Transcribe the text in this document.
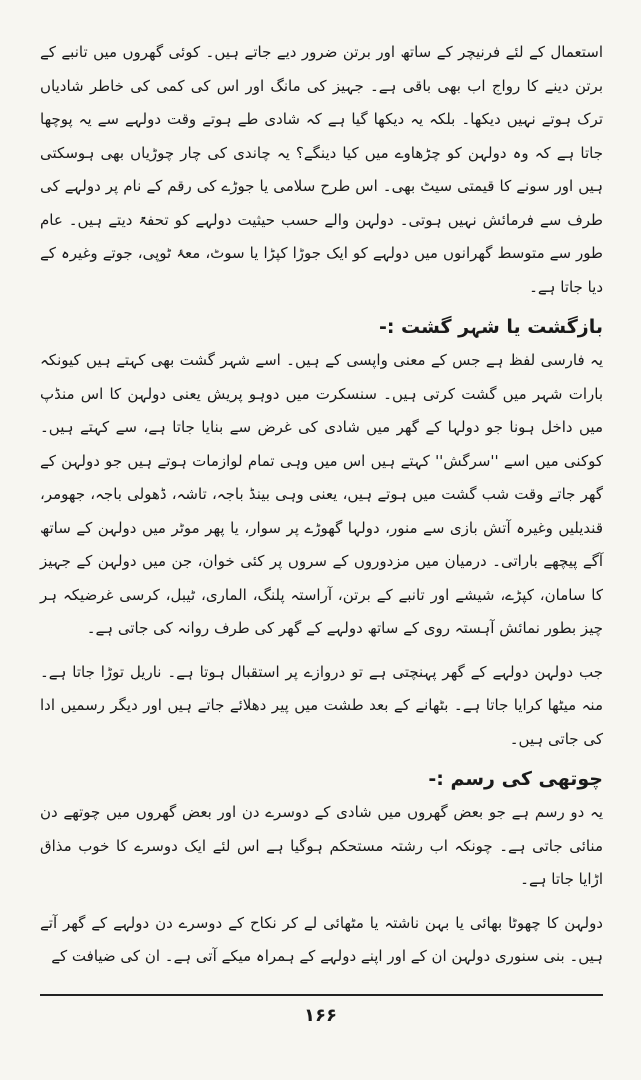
استعمال کے لئے فرنیچر کے ساتھ اور برتن ضرور دیے جاتے ہیں۔ کوئی گھروں میں تانبے کے برتن دینے کا رواج اب بھی باقی ہے۔ جہیز کی مانگ اور اس کی کمی کی خاطر شادیاں ترک ہوتے نہیں دیکھا۔ بلکہ یہ دیکھا گیا ہے کہ شادی طے ہوتے وقت دولہے سے یہ پوچھا جاتا ہے کہ وہ دولہن کو چڑھاوے میں کیا دینگے؟ یہ چاندی کی چار چوڑیاں بھی ہوسکتی ہیں اور سونے کا قیمتی سیٹ بھی۔ اس طرح سلامی یا جوڑے کی رقم کے نام پر دولہے کی طرف سے فرمائش نہیں ہوتی۔ دولہن والے حسب حیثیت دولہے کو تحفۃً دیتے ہیں۔ عام طور سے متوسط گھرانوں میں دولہے کو ایک جوڑا کپڑا یا سوٹ، معۂ ٹوپی، جوتے وغیرہ کے دیا جاتا ہے۔

بازگشت یا شہر گشت :-

یہ فارسی لفظ ہے جس کے معنی واپسی کے ہیں۔ اسے شہر گشت بھی کہتے ہیں کیونکہ بارات شہر میں گشت کرتی ہیں۔ سنسکرت میں دوہو پریش یعنی دولہن کا اس منڈپ میں داخل ہونا جو دولہا کے گھر میں شادی کی غرض سے بنایا جاتا ہے، سے کہتے ہیں۔ کوکنی میں اسے ''سرگش'' کہتے ہیں اس میں وہی تمام لوازمات ہوتے ہیں جو دولہن کے گھر جاتے وقت شب گشت میں ہوتے ہیں، یعنی وہی بینڈ باجہ، تاشہ، ڈھولی باجہ، جھومر، قندیلیں وغیرہ آتش بازی سے منور، دولہا گھوڑے پر سوار، یا پھر موٹر میں دولہن کے ساتھ آگے پیچھے باراتی۔ درمیان میں مزدوروں کے سروں پر کئی خوان، جن میں دولہن کے جہیز کا سامان، کپڑے، شیشے اور تانبے کے برتن، آراستہ پلنگ، الماری، ٹیبل، کرسی غرضیکہ ہر چیز بطور نمائش آہستہ روی کے ساتھ دولہے کے گھر کی طرف روانہ کی جاتی ہے۔

جب دولہن دولہے کے گھر پہنچتی ہے تو دروازے پر استقبال ہوتا ہے۔ ناریل توڑا جاتا ہے۔ منہ میٹھا کرایا جاتا ہے۔ بٹھانے کے بعد طشت میں پیر دھلائے جاتے ہیں اور دیگر رسمیں ادا کی جاتی ہیں۔

چوتھی کی رسم :-

یہ دو رسم ہے جو بعض گھروں میں شادی کے دوسرے دن اور بعض گھروں میں چوتھے دن منائی جاتی ہے۔ چونکہ اب رشتہ مستحکم ہوگیا ہے اس لئے ایک دوسرے کا خوب مذاق اڑایا جاتا ہے۔

دولہن کا چھوٹا بھائی یا بہن ناشتہ یا مٹھائی لے کر نکاح کے دوسرے دن دولہے کے گھر آتے ہیں۔ بنی سنوری دولہن ان کے اور اپنے دولہے کے ہمراہ میکے آتی ہے۔ ان کی ضیافت کے

۱۶۶
